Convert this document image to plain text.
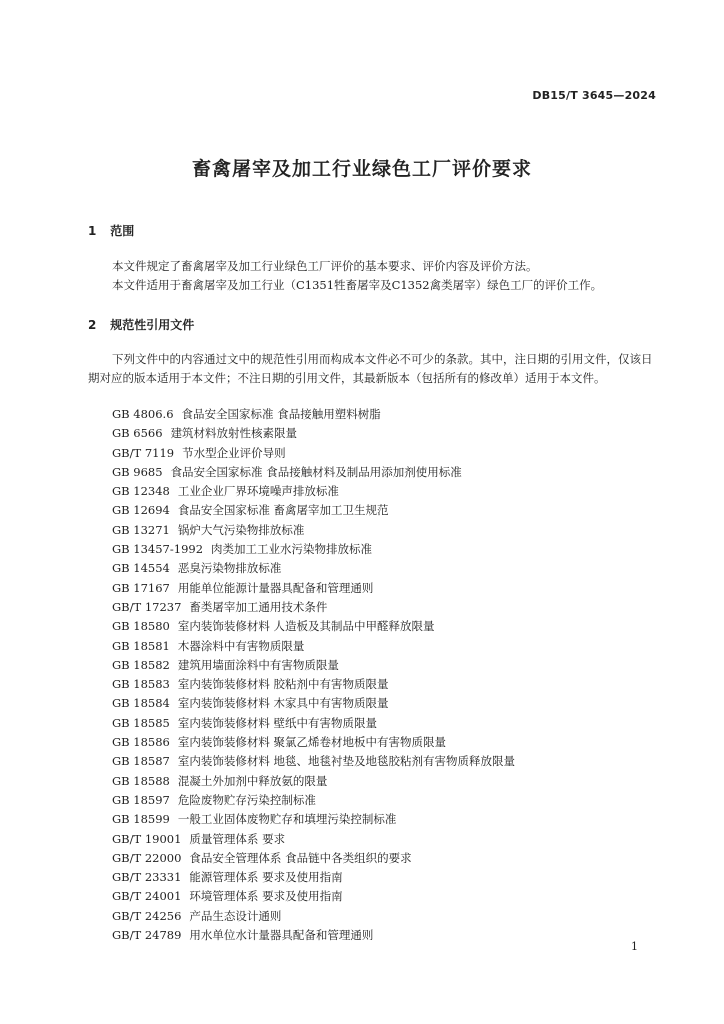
DB15/T 3645—2024
畜禽屠宰及加工行业绿色工厂评价要求
1 范围

本文件规定了畜禽屠宰及加工行业绿色工厂评价的基本要求、评价内容及评价方法。

本文件适用于畜禽屠宰及加工行业（C1351牲畜屠宰及C1352禽类屠宰）绿色工厂的评价工作。

2 规范性引用文件

下列文件中的内容通过文中的规范性引用而构成本文件必不可少的条款。其中，注日期的引用文件，仅该日期对应的版本适用于本文件；不注日期的引用文件，其最新版本（包括所有的修改单）适用于本文件。

GB 4806.6 食品安全国家标准 食品接触用塑料树脂
GB 6566 建筑材料放射性核素限量
GB/T 7119 节水型企业评价导则
GB 9685 食品安全国家标准 食品接触材料及制品用添加剂使用标准
GB 12348 工业企业厂界环境噪声排放标准
GB 12694 食品安全国家标准 畜禽屠宰加工卫生规范
GB 13271 锅炉大气污染物排放标准
GB 13457-1992 肉类加工工业水污染物排放标准
GB 14554 恶臭污染物排放标准
GB 17167 用能单位能源计量器具配备和管理通则
GB/T 17237 畜类屠宰加工通用技术条件
GB 18580 室内装饰装修材料 人造板及其制品中甲醛释放限量
GB 18581 木器涂料中有害物质限量
GB 18582 建筑用墙面涂料中有害物质限量
GB 18583 室内装饰装修材料 胶粘剂中有害物质限量
GB 18584 室内装饰装修材料 木家具中有害物质限量
GB 18585 室内装饰装修材料 壁纸中有害物质限量
GB 18586 室内装饰装修材料 聚氯乙烯卷材地板中有害物质限量
GB 18587 室内装饰装修材料 地毯、地毯衬垫及地毯胶粘剂有害物质释放限量
GB 18588 混凝土外加剂中释放氨的限量
GB 18597 危险废物贮存污染控制标准
GB 18599 一般工业固体废物贮存和填埋污染控制标准
GB/T 19001 质量管理体系 要求
GB/T 22000 食品安全管理体系 食品链中各类组织的要求
GB/T 23331 能源管理体系 要求及使用指南
GB/T 24001 环境管理体系 要求及使用指南
GB/T 24256 产品生态设计通则
GB/T 24789 用水单位水计量器具配备和管理通则
1
